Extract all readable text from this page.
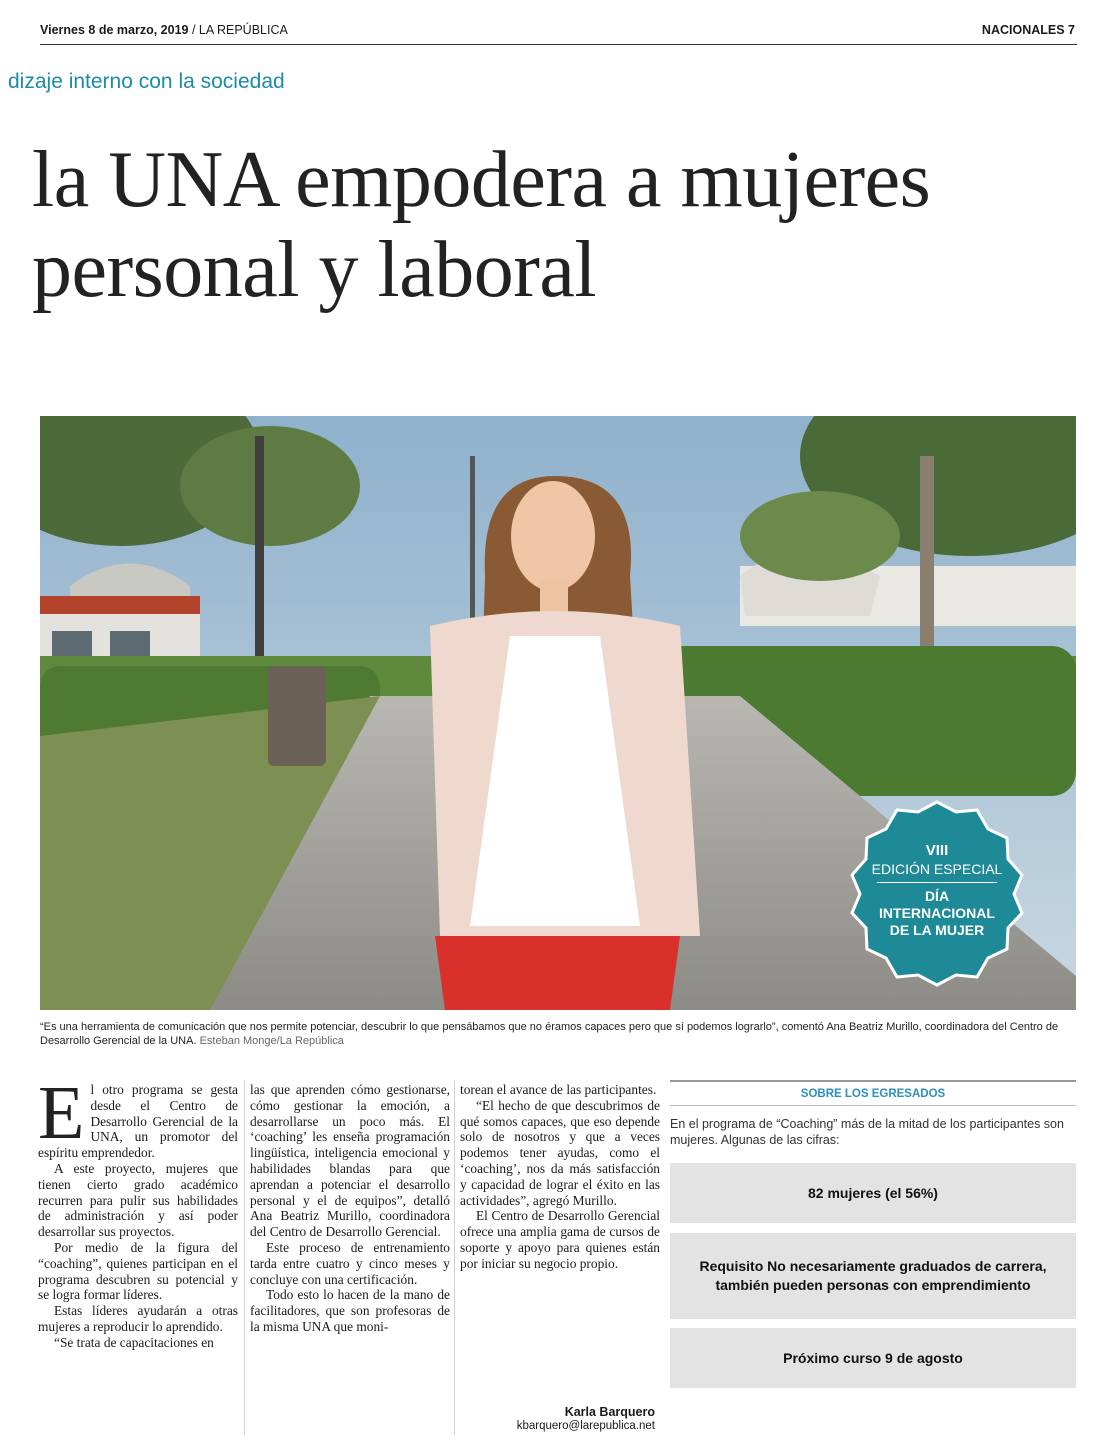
Viernes 8 de marzo, 2019 / LA REPÚBLICA	NACIONALES 7
dizaje interno con la sociedad
la UNA empodera a mujeres
personal y laboral
VIII
EDICIÓN ESPECIAL
DÍA
INTERNACIONAL
DE LA MUJER
“Es una herramienta de comunicación que nos permite potenciar, descubrir lo que pensábamos que no éramos capaces pero que sí podemos lograrlo”, comentó Ana Beatriz Murillo, coordinadora del Centro de Desarrollo Gerencial de la UNA. Esteban Monge/La República
E l otro programa se gesta desde el Centro de Desarrollo Gerencial de la UNA, un promotor del espíritu emprendedor.

A este proyecto, mujeres que tienen cierto grado académico recurren para pulir sus habilidades de administración y así poder desarrollar sus proyectos.

Por medio de la figura del “coaching”, quienes participan en el programa descubren su potencial y se logra formar líderes.

Estas líderes ayudarán a otras mujeres a reproducir lo aprendido.

“Se trata de capacitaciones en

las que aprenden cómo gestionarse, cómo gestionar la emoción, a desarrollarse un poco más. El ‘coaching’ les enseña programación lingüística, inteligencia emocional y habilidades blandas para que aprendan a potenciar el desarrollo personal y el de equipos”, detalló Ana Beatriz Murillo, coordinadora del Centro de Desarrollo Gerencial.

Este proceso de entrenamiento tarda entre cuatro y cinco meses y concluye con una certificación.

Todo esto lo hacen de la mano de facilitadores, que son profesoras de la misma UNA que moni-

torean el avance de las participantes.

“El hecho de que descubrimos de qué somos capaces, que eso depende solo de nosotros y que a veces podemos tener ayudas, como el ‘coaching’, nos da más satisfacción y capacidad de lograr el éxito en las actividades”, agregó Murillo.

El Centro de Desarrollo Gerencial ofrece una amplia gama de cursos de soporte y apoyo para quienes están por iniciar su negocio propio.

Karla Barquero
kbarquero@larepublica.net
SOBRE LOS EGRESADOS
En el programa de “Coaching” más de la mitad de los participantes son mujeres. Algunas de las cifras:
82 mujeres (el 56%)
Requisito No necesariamente graduados de carrera, también pueden personas con emprendimiento
Próximo curso 9 de agosto
